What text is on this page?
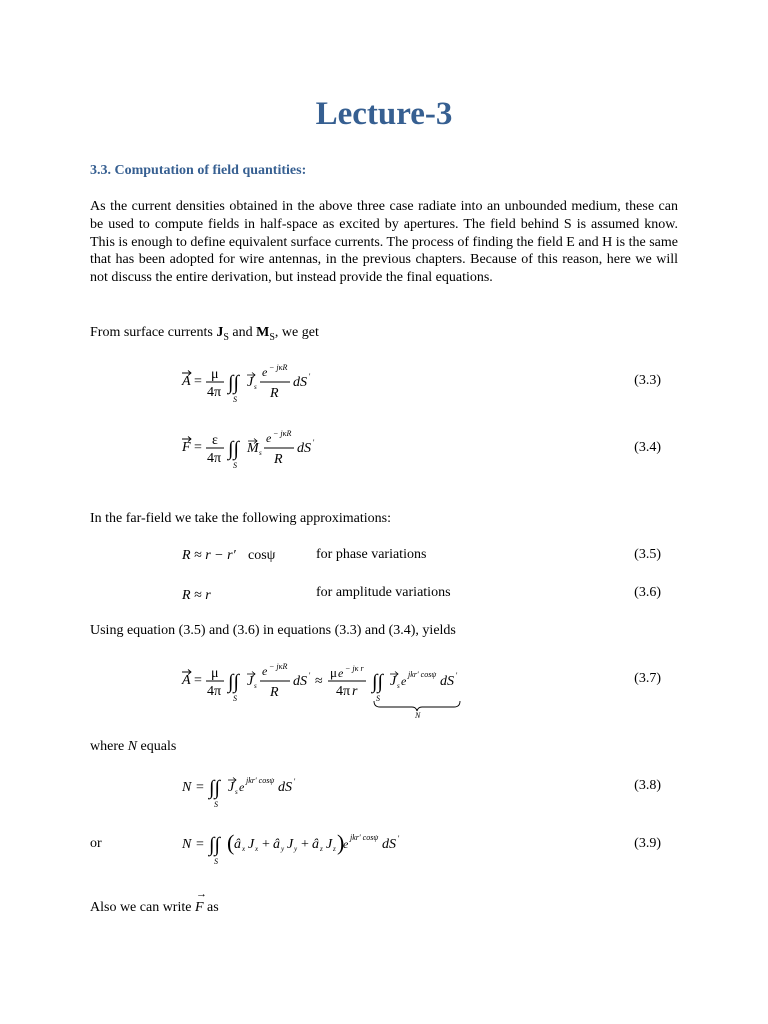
Lecture-3
3.3. Computation of field quantities:

As the current densities obtained in the above three case radiate into an unbounded medium, these can be used to compute fields in half-space as excited by apertures. The field behind S is assumed know. This is enough to define equivalent surface currents. The process of finding the field E and H is the same that has been adopted for wire antennas, in the previous chapters. Because of this reason, here we will not discuss the entire derivation, but instead provide the final equations.

From surface currents $J_S$ and $M_S$, we get
A = μ
4π ∫∫
S
J s
e − jκR
R
dS '	(3.3)
F = ε
4π ∫∫
S
M s
e − jκR
R
dS '	(3.4)

In the far-field we take the following approximations:

R ≈ r − r′ cosψ	for phase variations	(3.5)
R ≈ r	for amplitude variations	(3.6)

Using equation (3.5) and (3.6) in equations (3.3) and (3.4), yields

A = μ
4π ∫∫
S
J s
e − jκR
R
dS ' ≈
μ e − jκ r
4π r ∫∫
S
J s e jkr′ cosψ dS '
N
(3.7)
where N equals
N = ∫∫
S
J s e jkr′ cosψ dS '	(3.8)
or	N = ∫∫
S
( â x J x + â y J y + â z J z )
e jkr′ cosψ dS '	(3.9)
Also we can write
→
F as
